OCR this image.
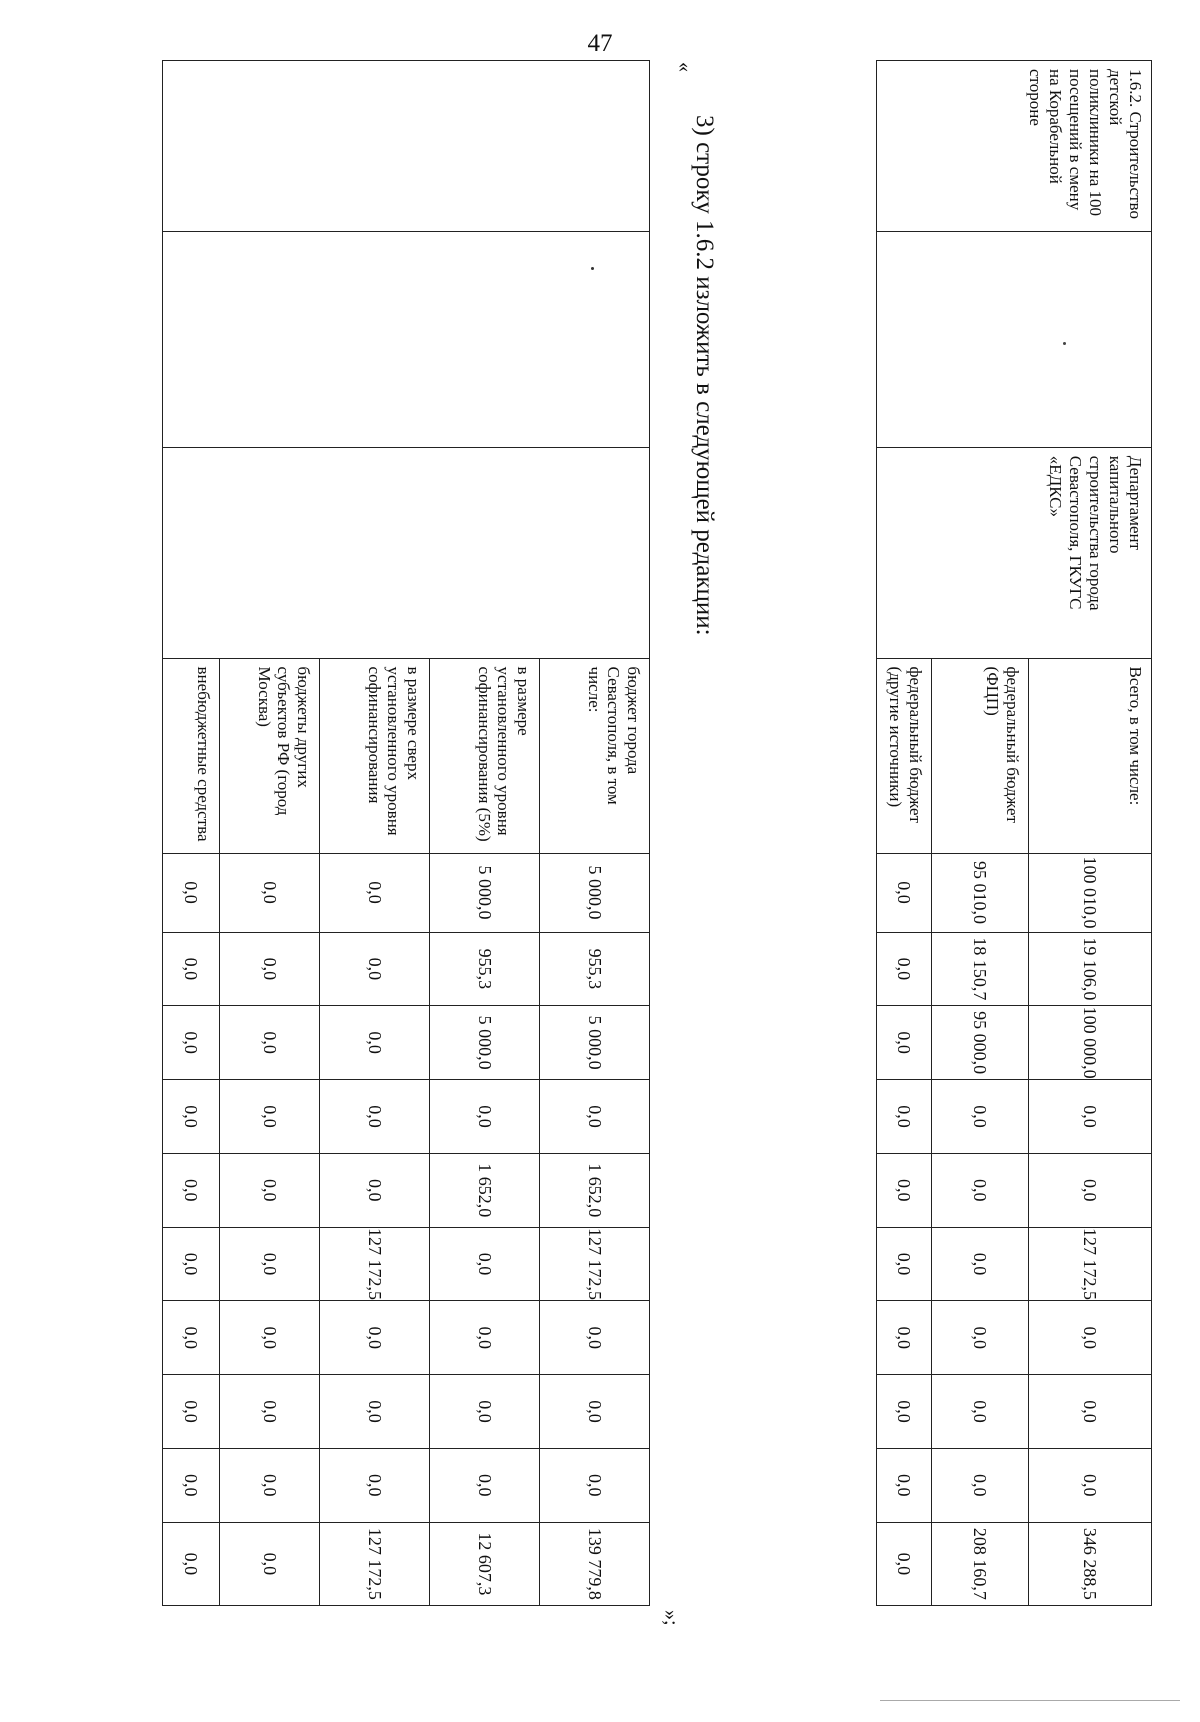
47

		бюджет города Севастополя, в том числе:	5 000,0	955,3	5 000,0	0,0	1 652,0	127 172,5	0,0	0,0	0,0	139 779,8
			в размере установленного уровня софинансирования (5%)	5 000,0	955,3	5 000,0	0,0	1 652,0	0,0	0,0	0,0	0,0	12 607,3
			в размере сверх установленного уровня софинансирования	0,0	0,0	0,0	0,0	0,0	127 172,5	0,0	0,0	0,0	127 172,5
			бюджеты других субъектов РФ (город Москва)	0,0	0,0	0,0	0,0	0,0	0,0	0,0	0,0	0,0	0,0
			внебюджетные средства	0,0	0,0	0,0	0,0	0,0	0,0	0,0	0,0	0,0	0,0
»;
3) строку 1.6.2 изложить в следующей редакции:
«
1.6.2. Строительство детской поликлиники на 100 посещений в смену на Корабельной стороне		Департамент капитального строительства города Севастополя, ГКУГС «ЕДКС»	Всего, в том числе:	100 010,0	19 106,0	100 000,0	0,0	0,0	127 172,5	0,0	0,0	0,0	346 288,5
			федеральный бюджет (ФЦП)	95 010,0	18 150,7	95 000,0	0,0	0,0	0,0	0,0	0,0	0,0	208 160,7
			федеральный бюджет (другие источники)	0,0	0,0	0,0	0,0	0,0	0,0	0,0	0,0	0,0	0,0
